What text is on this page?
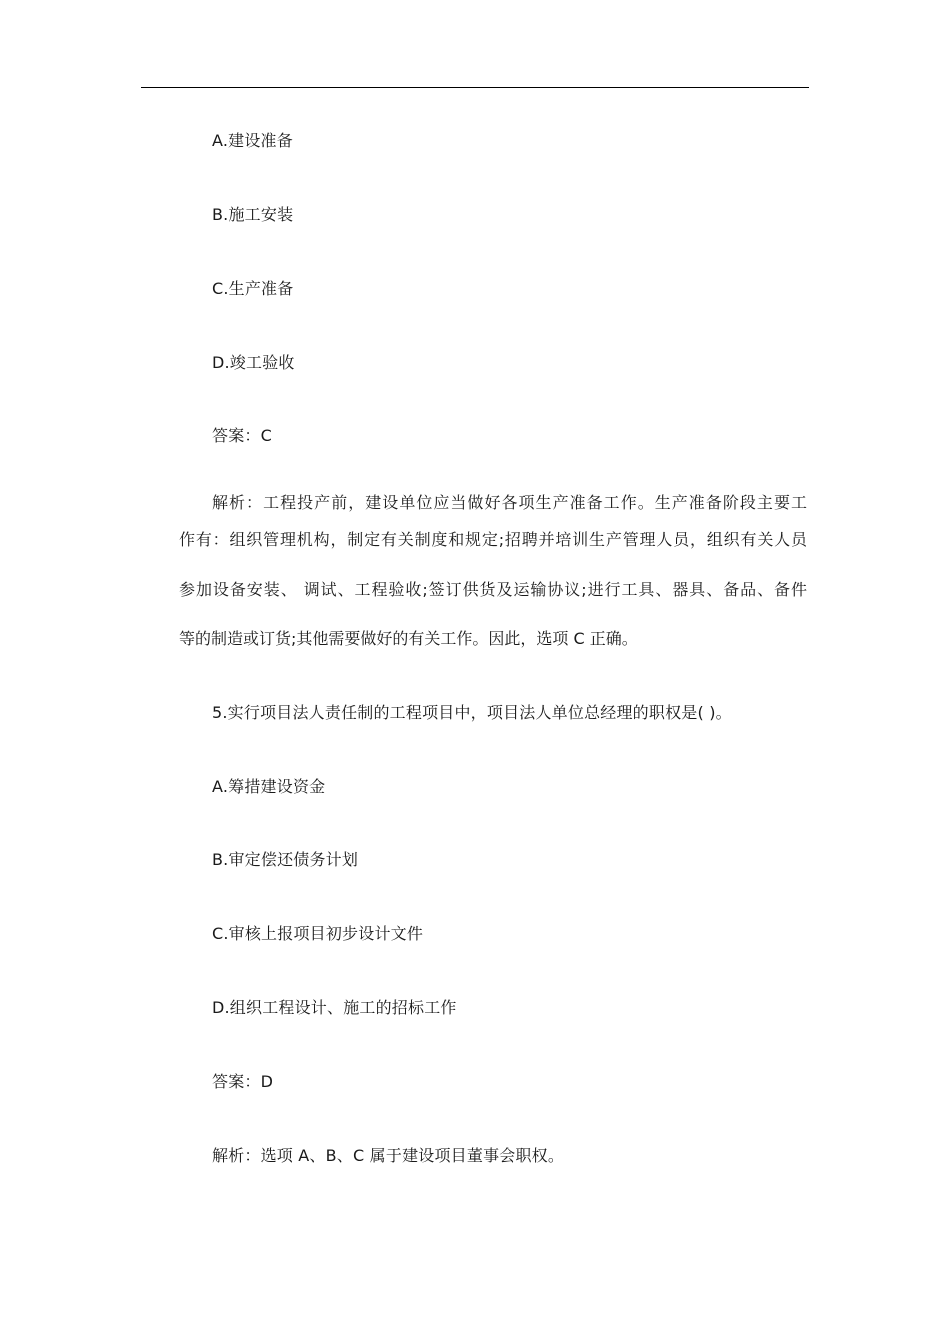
A.建设准备
B.施工安装
C.生产准备
D.竣工验收
答案：C
解析：工程投产前，建设单位应当做好各项生产准备工作。生产准备阶段主要工
作有：组织管理机构，制定有关制度和规定;招聘并培训生产管理人员，组织有关人员
参加设备安装、 调试、工程验收;签订供货及运输协议;进行工具、器具、备品、备件
等的制造或订货;其他需要做好的有关工作。因此，选项 C 正确。
5.实行项目法人责任制的工程项目中，项目法人单位总经理的职权是( )。
A.筹措建设资金
B.审定偿还债务计划
C.审核上报项目初步设计文件
D.组织工程设计、施工的招标工作
答案：D
解析：选项 A、B、C 属于建设项目董事会职权。
